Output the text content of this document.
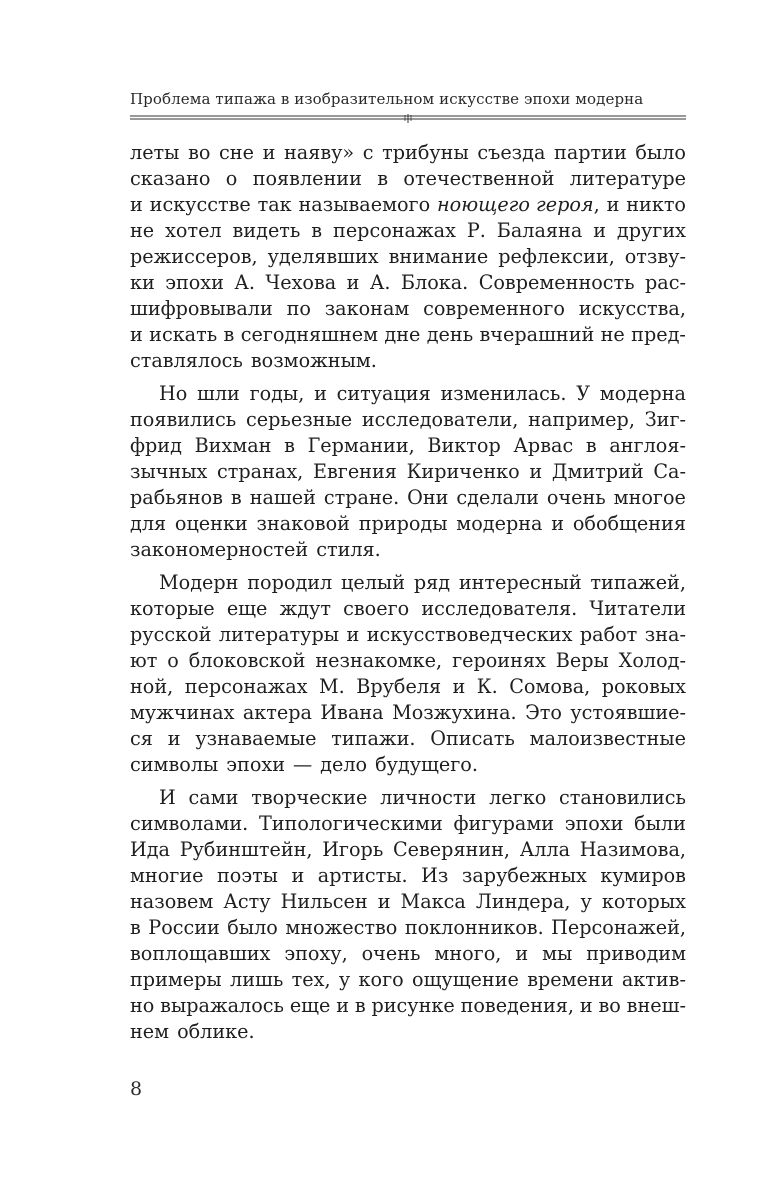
Проблема типажа в изобразительном искусстве эпохи модерна
леты во сне и наяву» с трибуны съезда партии было
сказано о появлении в отечественной литературе
и искусстве так называемого ноющего героя, и никто
не хотел видеть в персонажах Р. Балаяна и других
режиссеров, уделявших внимание рефлексии, отзву-
ки эпохи А. Чехова и А. Блока. Современность рас-
шифровывали по законам современного искусства,
и искать в сегодняшнем дне день вчерашний не пред-
ставлялось возможным.
Но шли годы, и ситуация изменилась. У модерна
появились серьезные исследователи, например, Зиг-
фрид Вихман в Германии, Виктор Арвас в англоя-
зычных странах, Евгения Кириченко и Дмитрий Са-
рабьянов в нашей стране. Они сделали очень многое
для оценки знаковой природы модерна и обобщения
закономерностей стиля.
Модерн породил целый ряд интересный типажей,
которые еще ждут своего исследователя. Читатели
русской литературы и искусствоведческих работ зна-
ют о блоковской незнакомке, героинях Веры Холод-
ной, персонажах М. Врубеля и К. Сомова, роковых
мужчинах актера Ивана Мозжухина. Это устоявшие-
ся и узнаваемые типажи. Описать малоизвестные
символы эпохи — дело будущего.
И сами творческие личности легко становились
символами. Типологическими фигурами эпохи были
Ида Рубинштейн, Игорь Северянин, Алла Назимова,
многие поэты и артисты. Из зарубежных кумиров
назовем Асту Нильсен и Макса Линдера, у которых
в России было множество поклонников. Персонажей,
воплощавших эпоху, очень много, и мы приводим
примеры лишь тех, у кого ощущение времени актив-
но выражалось еще и в рисунке поведения, и во внеш-
нем облике.
8
